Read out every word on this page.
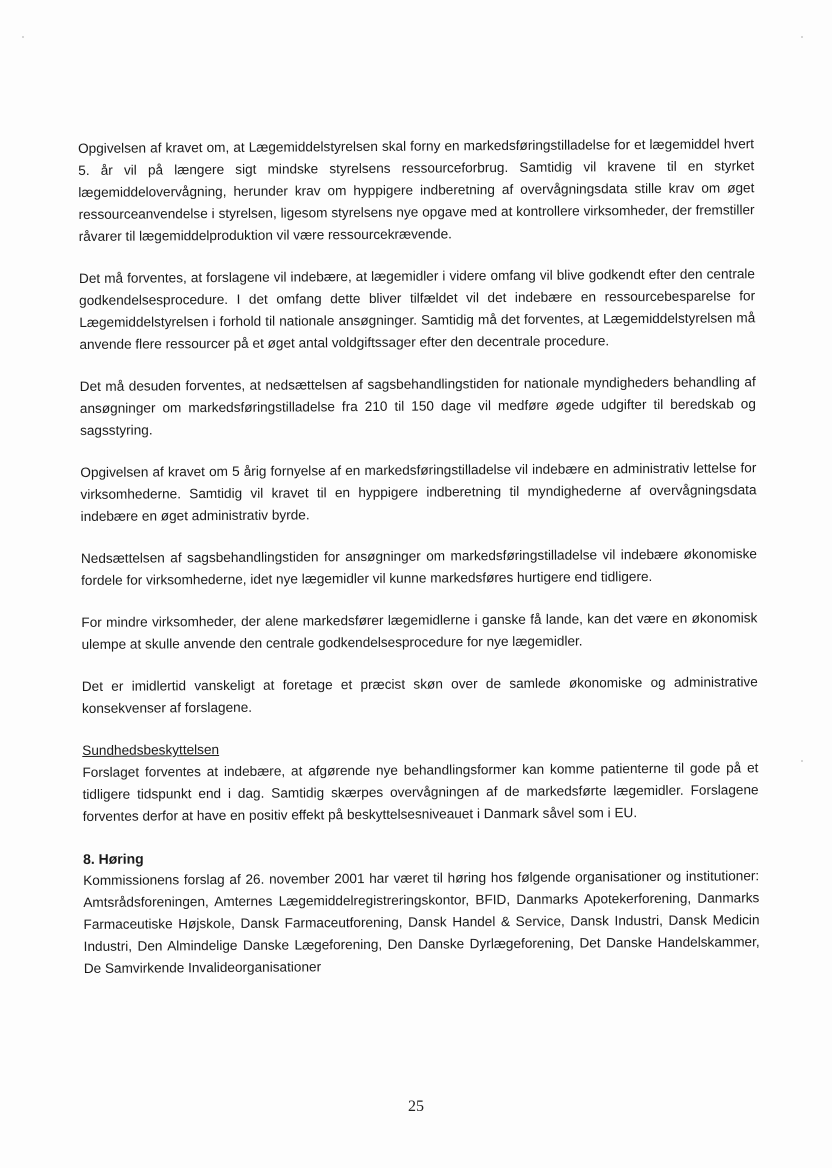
Opgivelsen af kravet om, at Lægemiddelstyrelsen skal forny en markedsføringstilladelse for et lægemiddel hvert 5. år vil på længere sigt mindske styrelsens ressourceforbrug. Samtidig vil kravene til en styrket lægemiddelovervågning, herunder krav om hyppigere indberetning af overvågningsdata stille krav om øget ressourceanvendelse i styrelsen, ligesom styrelsens nye opgave med at kontrollere virksomheder, der fremstiller råvarer til lægemiddelproduktion vil være ressourcekrævende.

Det må forventes, at forslagene vil indebære, at lægemidler i videre omfang vil blive godkendt efter den centrale godkendelsesprocedure. I det omfang dette bliver tilfældet vil det indebære en ressourcebesparelse for Lægemiddelstyrelsen i forhold til nationale ansøgninger. Samtidig må det forventes, at Lægemiddelstyrelsen må anvende flere ressourcer på et øget antal voldgiftssager efter den decentrale procedure.

Det må desuden forventes, at nedsættelsen af sagsbehandlingstiden for nationale myndigheders behandling af ansøgninger om markedsføringstilladelse fra 210 til 150 dage vil medføre øgede udgifter til beredskab og sagsstyring.

Opgivelsen af kravet om 5 årig fornyelse af en markedsføringstilladelse vil indebære en administrativ lettelse for virksomhederne. Samtidig vil kravet til en hyppigere indberetning til myndighederne af overvågningsdata indebære en øget administrativ byrde.

Nedsættelsen af sagsbehandlingstiden for ansøgninger om markedsføringstilladelse vil indebære økonomiske fordele for virksomhederne, idet nye lægemidler vil kunne markedsføres hurtigere end tidligere.

For mindre virksomheder, der alene markedsfører lægemidlerne i ganske få lande, kan det være en økonomisk ulempe at skulle anvende den centrale godkendelsesprocedure for nye lægemidler.

Det er imidlertid vanskeligt at foretage et præcist skøn over de samlede økonomiske og administrative konsekvenser af forslagene.

Sundhedsbeskyttelsen

Forslaget forventes at indebære, at afgørende nye behandlingsformer kan komme patienterne til gode på et tidligere tidspunkt end i dag. Samtidig skærpes overvågningen af de markedsførte lægemidler. Forslagene forventes derfor at have en positiv effekt på beskyttelsesniveauet i Danmark såvel som i EU.

8. Høring

Kommissionens forslag af 26. november 2001 har været til høring hos følgende organisationer og institutioner: Amtsrådsforeningen, Amternes Lægemiddelregistreringskontor, BFID, Danmarks Apotekerforening, Danmarks Farmaceutiske Højskole, Dansk Farmaceutforening, Dansk Handel & Service, Dansk Industri, Dansk Medicin Industri, Den Almindelige Danske Lægeforening, Den Danske Dyrlægeforening, Det Danske Handelskammer, De Samvirkende Invalideorganisationer

25
